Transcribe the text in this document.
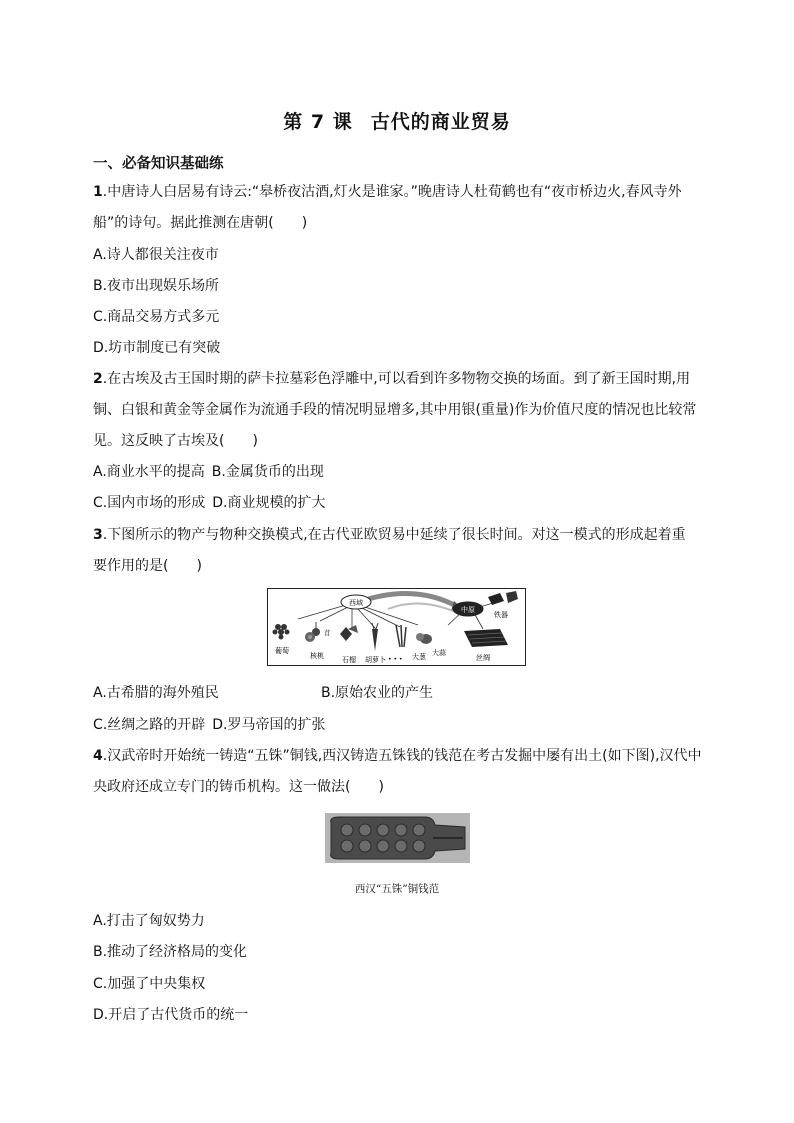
第 7 课 古代的商业贸易
一、必备知识基础练
1.中唐诗人白居易有诗云:“皋桥夜沽酒,灯火是谁家。”晚唐诗人杜荀鹤也有“夜市桥边火,春风寺外
船”的诗句。据此推测在唐朝(　　)
A.诗人都很关注夜市
B.夜市出现娱乐场所
C.商品交易方式多元
D.坊市制度已有突破
2.在古埃及古王国时期的萨卡拉墓彩色浮雕中,可以看到许多物物交换的场面。到了新王国时期,用
铜、白银和黄金等金属作为流通手段的情况明显增多,其中用银(重量)作为价值尺度的情况也比较常
见。这反映了古埃及(　　)
A.商业水平的提高  B.金属货币的出现
C.国内市场的形成  D.商业规模的扩大
3.下图所示的物产与物种交换模式,在古代亚欧贸易中延续了很长时间。对这一模式的形成起着重
要作用的是(　　)
西域
中原
葡萄
苜
核桃	石榴 胡萝卜 • • • 大葱 大蒜
铁器
丝绸
A.古希腊的海外殖民	B.原始农业的产生
C.丝绸之路的开辟  D.罗马帝国的扩张
4.汉武帝时开始统一铸造“五铢”铜钱,西汉铸造五铢钱的钱范在考古发掘中屡有出土(如下图),汉代中
央政府还成立专门的铸币机构。这一做法(　　)
西汉“五铢”铜钱范
A.打击了匈奴势力
B.推动了经济格局的变化
C.加强了中央集权
D.开启了古代货币的统一
